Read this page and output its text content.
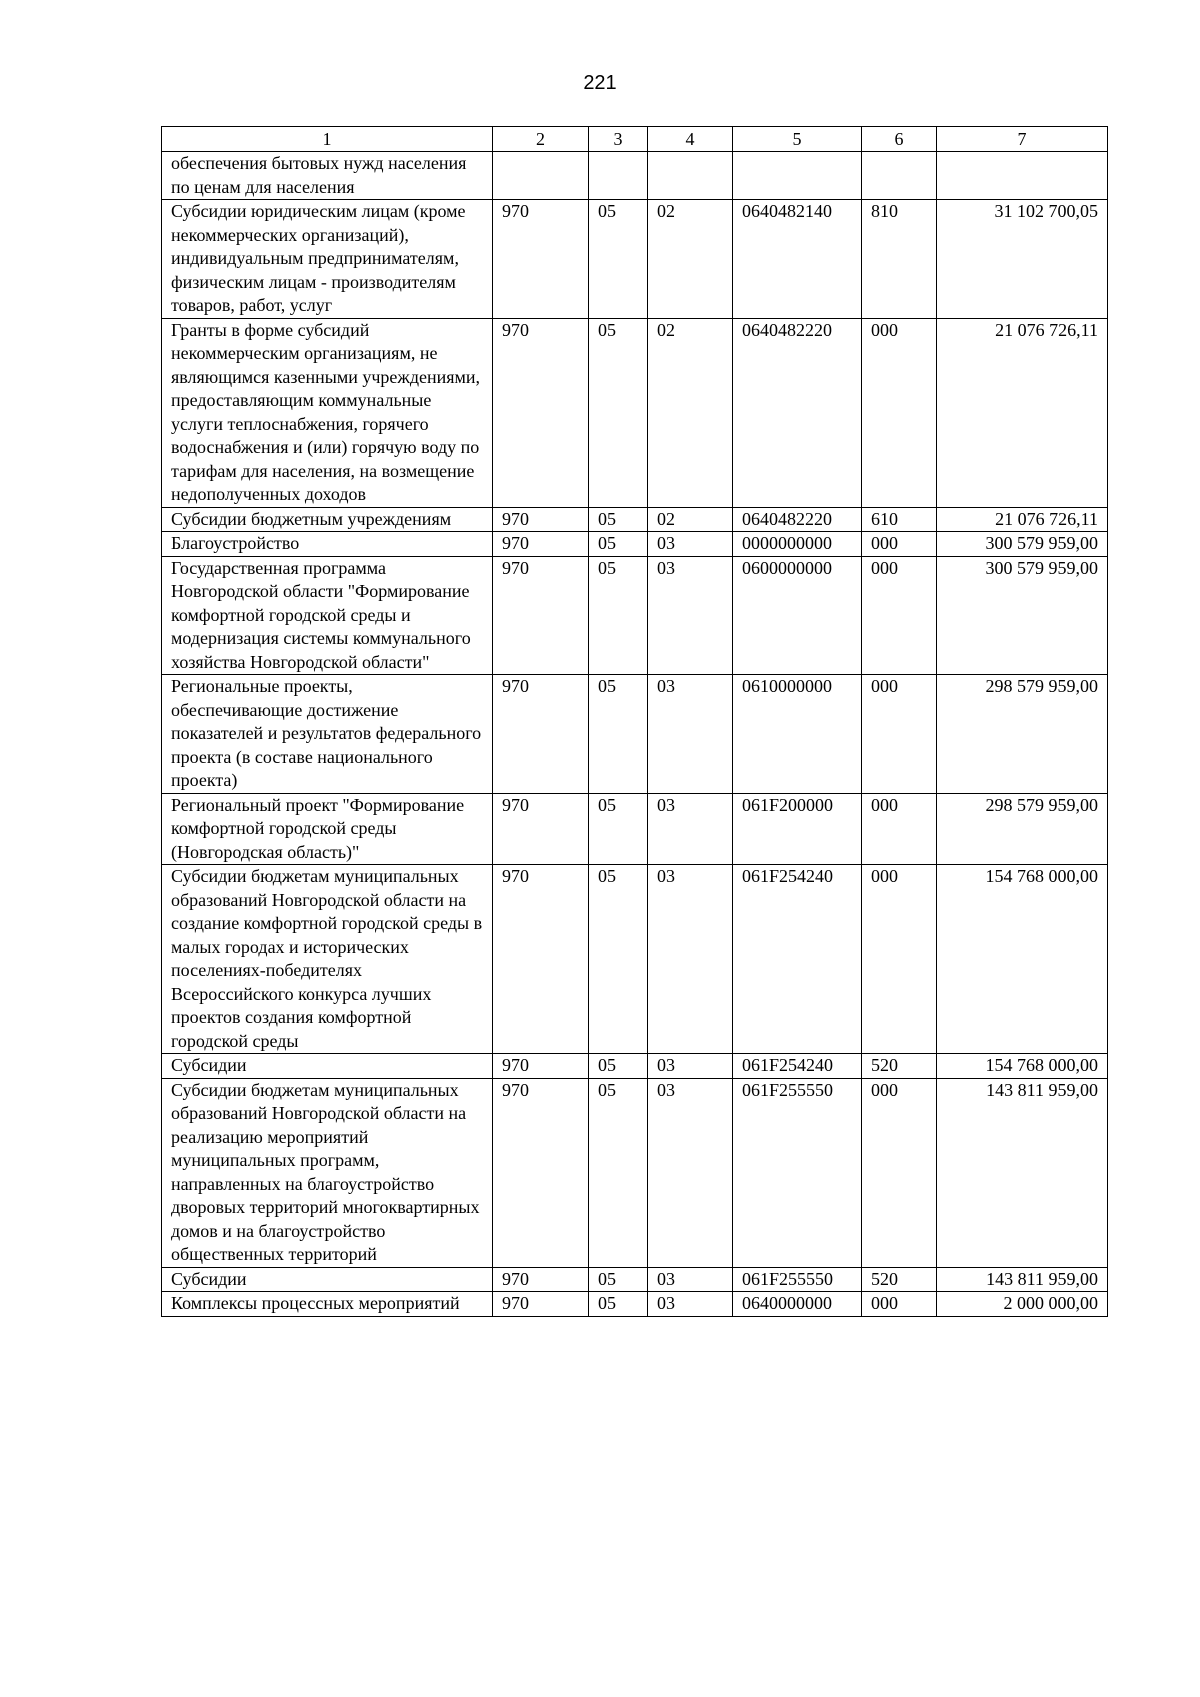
221
1	2	3	4	5	6	7
обеспечения бытовых нужд населения по ценам для населения						
Субсидии юридическим лицам (кроме некоммерческих организаций), индивидуальным предпринимателям, физическим лицам - производителям товаров, работ, услуг	970	05	02	0640482140	810	31 102 700,05
Гранты в форме субсидий некоммерческим организациям, не являющимся казенными учреждениями, предоставляющим коммунальные услуги теплоснабжения, горячего водоснабжения и (или) горячую воду по тарифам для населения, на возмещение недополученных доходов	970	05	02	0640482220	000	21 076 726,11
Субсидии бюджетным учреждениям	970	05	02	0640482220	610	21 076 726,11
Благоустройство	970	05	03	0000000000	000	300 579 959,00
Государственная программа Новгородской области "Формирование комфортной городской среды и модернизация системы коммунального хозяйства Новгородской области"	970	05	03	0600000000	000	300 579 959,00
Региональные проекты, обеспечивающие достижение показателей и результатов федерального проекта (в составе национального проекта)	970	05	03	0610000000	000	298 579 959,00
Региональный проект "Формирование комфортной городской среды (Новгородская область)"	970	05	03	061F200000	000	298 579 959,00
Субсидии бюджетам муниципальных образований Новгородской области на создание комфортной городской среды в малых городах и исторических поселениях-победителях Всероссийского конкурса лучших проектов создания комфортной городской среды	970	05	03	061F254240	000	154 768 000,00
Субсидии	970	05	03	061F254240	520	154 768 000,00
Субсидии бюджетам муниципальных образований Новгородской области на реализацию мероприятий муниципальных программ, направленных на благоустройство дворовых территорий многоквартирных домов и на благоустройство общественных территорий	970	05	03	061F255550	000	143 811 959,00
Субсидии	970	05	03	061F255550	520	143 811 959,00
Комплексы процессных мероприятий	970	05	03	0640000000	000	2 000 000,00
